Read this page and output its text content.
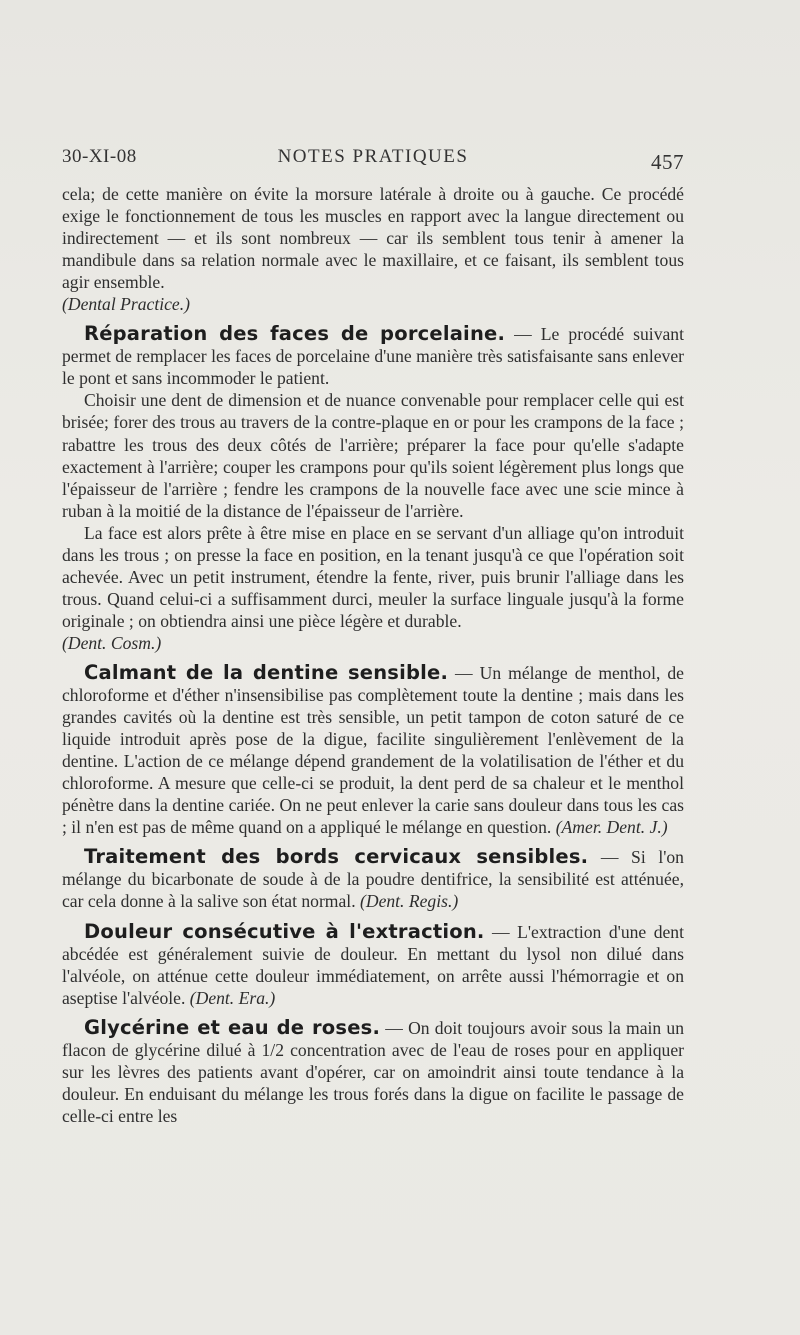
30-XI-08	NOTES PRATIQUES	457

cela; de cette manière on évite la morsure latérale à droite ou à gauche. Ce procédé exige le fonctionnement de tous les muscles en rapport avec la langue directement ou indirectement — et ils sont nombreux — car ils semblent tous tenir à amener la mandibule dans sa relation normale avec le maxillaire, et ce faisant, ils semblent tous agir ensemble.
(Dental Practice.)

Réparation des faces de porcelaine. — Le procédé suivant permet de remplacer les faces de porcelaine d'une manière très satisfaisante sans enlever le pont et sans incommoder le patient.

Choisir une dent de dimension et de nuance convenable pour remplacer celle qui est brisée; forer des trous au travers de la contre-plaque en or pour les crampons de la face ; rabattre les trous des deux côtés de l'arrière; préparer la face pour qu'elle s'adapte exactement à l'arrière; couper les crampons pour qu'ils soient légèrement plus longs que l'épaisseur de l'arrière ; fendre les crampons de la nouvelle face avec une scie mince à ruban à la moitié de la distance de l'épaisseur de l'arrière.

La face est alors prête à être mise en place en se servant d'un alliage qu'on introduit dans les trous ; on presse la face en position, en la tenant jusqu'à ce que l'opération soit achevée. Avec un petit instrument, étendre la fente, river, puis brunir l'alliage dans les trous. Quand celui-ci a suffisamment durci, meuler la surface linguale jusqu'à la forme originale ; on obtiendra ainsi une pièce légère et durable.
(Dent. Cosm.)

Calmant de la dentine sensible. — Un mélange de menthol, de chloroforme et d'éther n'insensibilise pas complètement toute la dentine ; mais dans les grandes cavités où la dentine est très sensible, un petit tampon de coton saturé de ce liquide introduit après pose de la digue, facilite singulièrement l'enlèvement de la dentine. L'action de ce mélange dépend grandement de la volatilisation de l'éther et du chloroforme. A mesure que celle-ci se produit, la dent perd de sa chaleur et le menthol pénètre dans la dentine cariée. On ne peut enlever la carie sans douleur dans tous les cas ; il n'en est pas de même quand on a appliqué le mélange en question. (Amer. Dent. J.)

Traitement des bords cervicaux sensibles. — Si l'on mélange du bicarbonate de soude à de la poudre dentifrice, la sensibilité est atténuée, car cela donne à la salive son état normal. (Dent. Regis.)

Douleur consécutive à l'extraction. — L'extraction d'une dent abcédée est généralement suivie de douleur. En mettant du lysol non dilué dans l'alvéole, on atténue cette douleur immédiatement, on arrête aussi l'hémorragie et on aseptise l'alvéole. (Dent. Era.)

Glycérine et eau de roses. — On doit toujours avoir sous la main un flacon de glycérine dilué à 1/2 concentration avec de l'eau de roses pour en appliquer sur les lèvres des patients avant d'opérer, car on amoindrit ainsi toute tendance à la douleur. En enduisant du mélange les trous forés dans la digue on facilite le passage de celle-ci entre les
